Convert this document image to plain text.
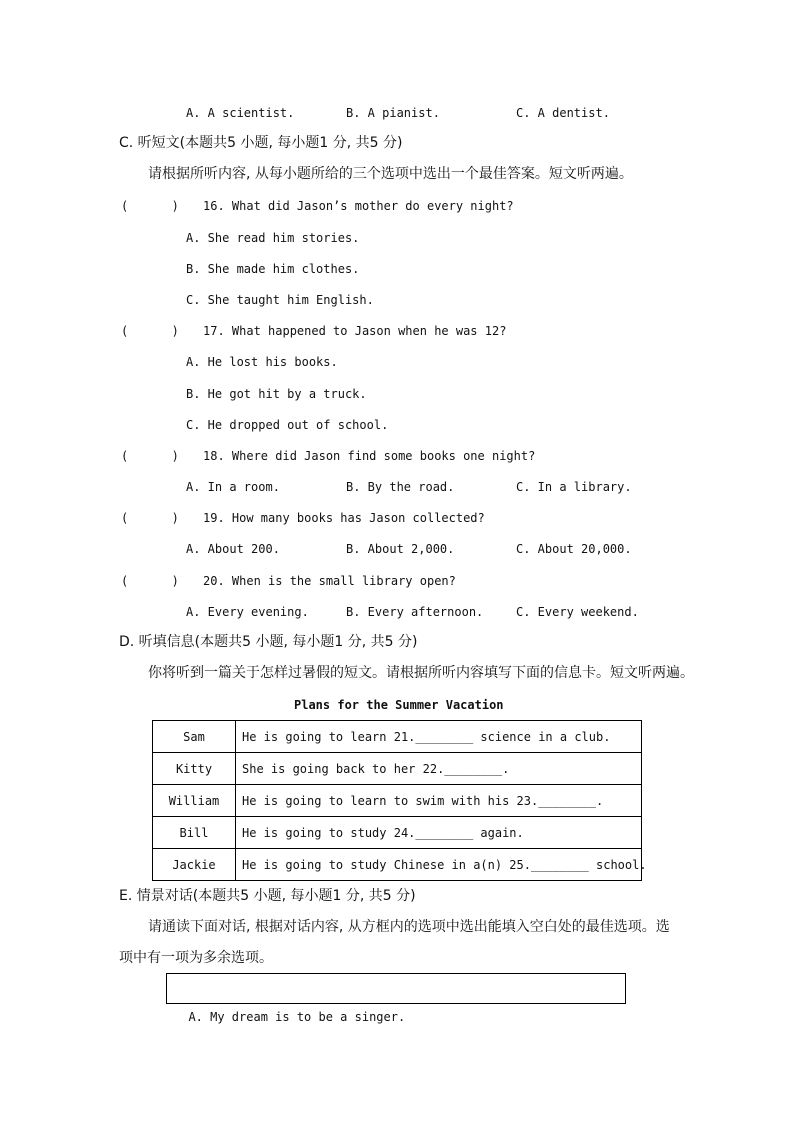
A. A scientist.	B. A pianist.	C. A dentist.
C. 听短文(本题共5 小题, 每小题1 分, 共5 分)
请根据所听内容, 从每小题所给的三个选项中选出一个最佳答案。短文听两遍。
(      ) 16. What did Jason’s mother do every night?
A. She read him stories.
B. She made him clothes.
C. She taught him English.
(      ) 17. What happened to Jason when he was 12?
A. He lost his books.
B. He got hit by a truck.
C. He dropped out of school.
(      ) 18. Where did Jason find some books one night?
A. In a room.	B. By the road.	C. In a library.
(      ) 19. How many books has Jason collected?
A. About 200.	B. About 2,000.	C. About 20,000.
(      ) 20. When is the small library open?
A. Every evening.	B. Every afternoon.	C. Every weekend.
D. 听填信息(本题共5 小题, 每小题1 分, 共5 分)
你将听到一篇关于怎样过暑假的短文。请根据所听内容填写下面的信息卡。短文听两遍。
Plans for the Summer Vacation
Sam	He is going to learn 21.________ science in a club.
Kitty	She is going back to her 22.________.
William	He is going to learn to swim with his 23.________.
Bill	He is going to study 24.________ again.
Jackie	He is going to study Chinese in a(n) 25.________ school.
E. 情景对话(本题共5 小题, 每小题1 分, 共5 分)
请通读下面对话, 根据对话内容, 从方框内的选项中选出能填入空白处的最佳选项。选
项中有一项为多余选项。

A. My dream is to be a singer.
